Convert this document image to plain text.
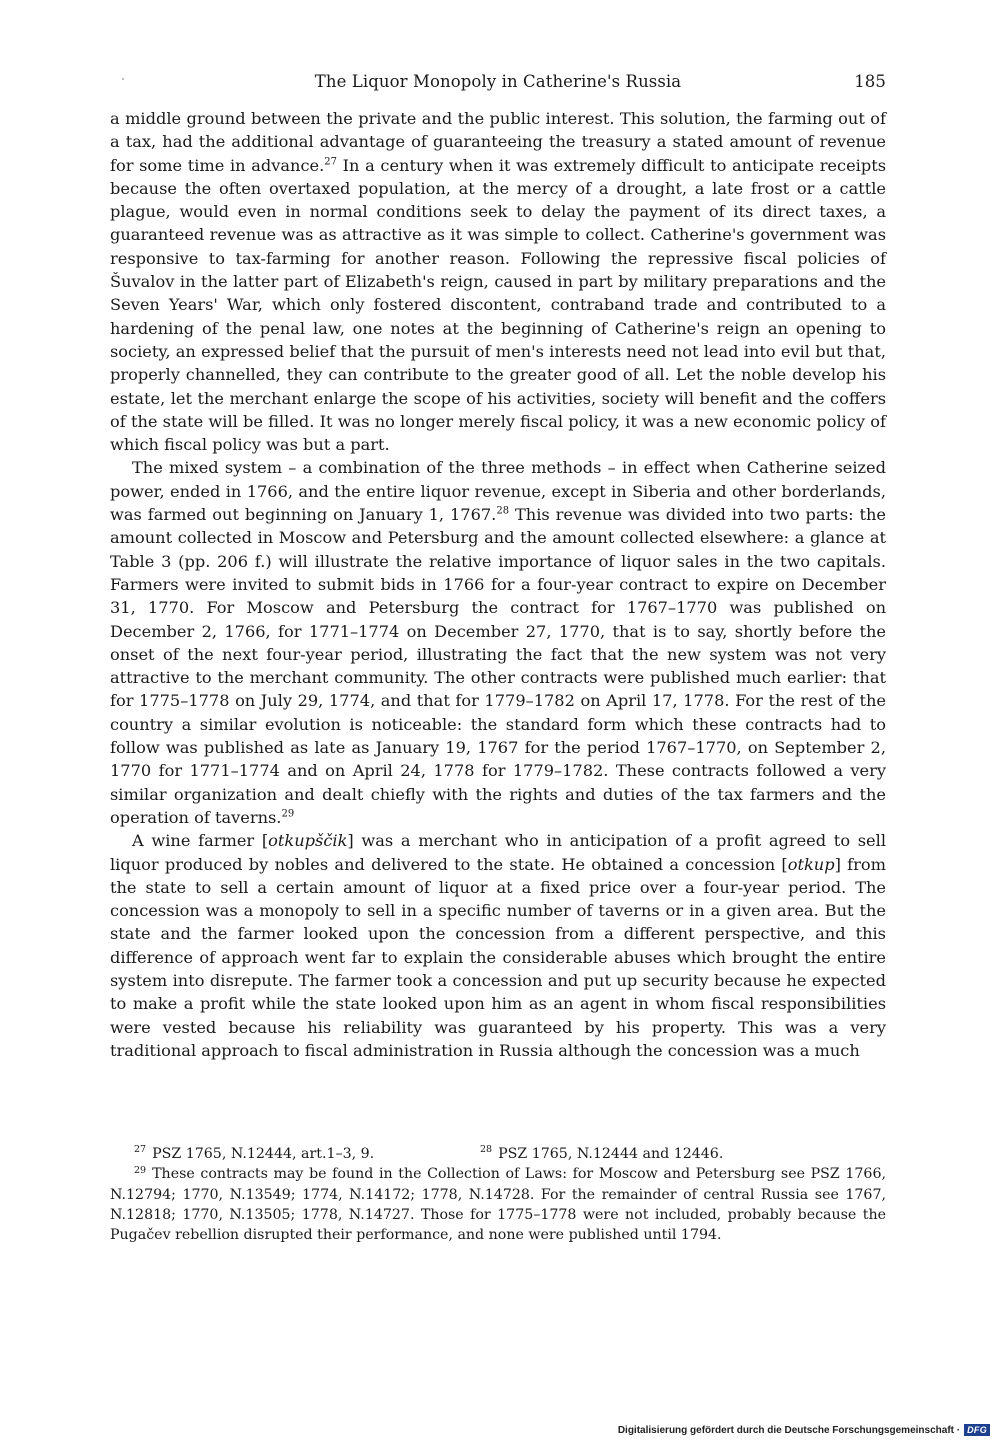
The Liquor Monopoly in Catherine's Russia	185

a middle ground between the private and the public interest. This solution, the farming out of a tax, had the additional advantage of guaranteeing the treasury a stated amount of revenue for some time in advance.$^{27}$ In a century when it was extremely difficult to anticipate receipts because the often overtaxed population, at the mercy of a drought, a late frost or a cattle plague, would even in normal conditions seek to delay the payment of its direct taxes, a guaranteed revenue was as attractive as it was simple to collect. Catherine's government was responsive to tax-farming for another reason. Following the repressive fiscal policies of Šuvalov in the latter part of Elizabeth's reign, caused in part by military preparations and the Seven Years' War, which only fostered discontent, contraband trade and contributed to a hardening of the penal law, one notes at the beginning of Catherine's reign an opening to society, an expressed belief that the pursuit of men's interests need not lead into evil but that, properly channelled, they can contribute to the greater good of all. Let the noble develop his estate, let the merchant enlarge the scope of his activities, society will benefit and the coffers of the state will be filled. It was no longer merely fiscal policy, it was a new economic policy of which fiscal policy was but a part.

The mixed system – a combination of the three methods – in effect when Catherine seized power, ended in 1766, and the entire liquor revenue, except in Siberia and other borderlands, was farmed out beginning on January 1, 1767.28 This revenue was divided into two parts: the amount collected in Moscow and Petersburg and the amount collected elsewhere: a glance at Table 3 (pp. 206 f.) will illustrate the relative importance of liquor sales in the two capitals. Farmers were invited to submit bids in 1766 for a four-year contract to expire on December 31, 1770. For Moscow and Petersburg the contract for 1767–1770 was published on December 2, 1766, for 1771–1774 on December 27, 1770, that is to say, shortly before the onset of the next four-year period, illustrating the fact that the new system was not very attractive to the merchant community. The other contracts were published much earlier: that for 1775–1778 on July 29, 1774, and that for 1779–1782 on April 17, 1778. For the rest of the country a similar evolution is noticeable: the standard form which these contracts had to follow was published as late as January 19, 1767 for the period 1767–1770, on September 2, 1770 for 1771–1774 and on April 24, 1778 for 1779–1782. These contracts followed a very similar organization and dealt chiefly with the rights and duties of the tax farmers and the operation of taverns.$^{29}$

A wine farmer [otkupščik] was a merchant who in anticipation of a profit agreed to sell liquor produced by nobles and delivered to the state. He obtained a concession [otkup] from the state to sell a certain amount of liquor at a fixed price over a four-year period. The concession was a monopoly to sell in a specific number of taverns or in a given area. But the state and the farmer looked upon the concession from a different perspective, and this difference of approach went far to explain the considerable abuses which brought the entire system into disrepute. The farmer took a concession and put up security because he expected to make a profit while the state looked upon him as an agent in whom fiscal responsibilities were vested because his reliability was guaranteed by his property. This was a very traditional approach to fiscal administration in Russia although the concession was a much

$^{27}$ PSZ 1765, N.12444, art.1–3, 9.	$^{28}$ PSZ 1765, N.12444 and 12446.
$^{29}$ These contracts may be found in the Collection of Laws: for Moscow and Petersburg see PSZ 1766, N.12794; 1770, N.13549; 1774, N.14172; 1778, N.14728. For the remainder of central Russia see 1767, N.12818; 1770, N.13505; 1778, N.14727. Those for 1775–1778 were not included, probably because the Pugačev rebellion disrupted their performance, and none were published until 1794.
Digitalisierung gefördert durch die Deutsche Forschungsgemeinschaft · DFG
